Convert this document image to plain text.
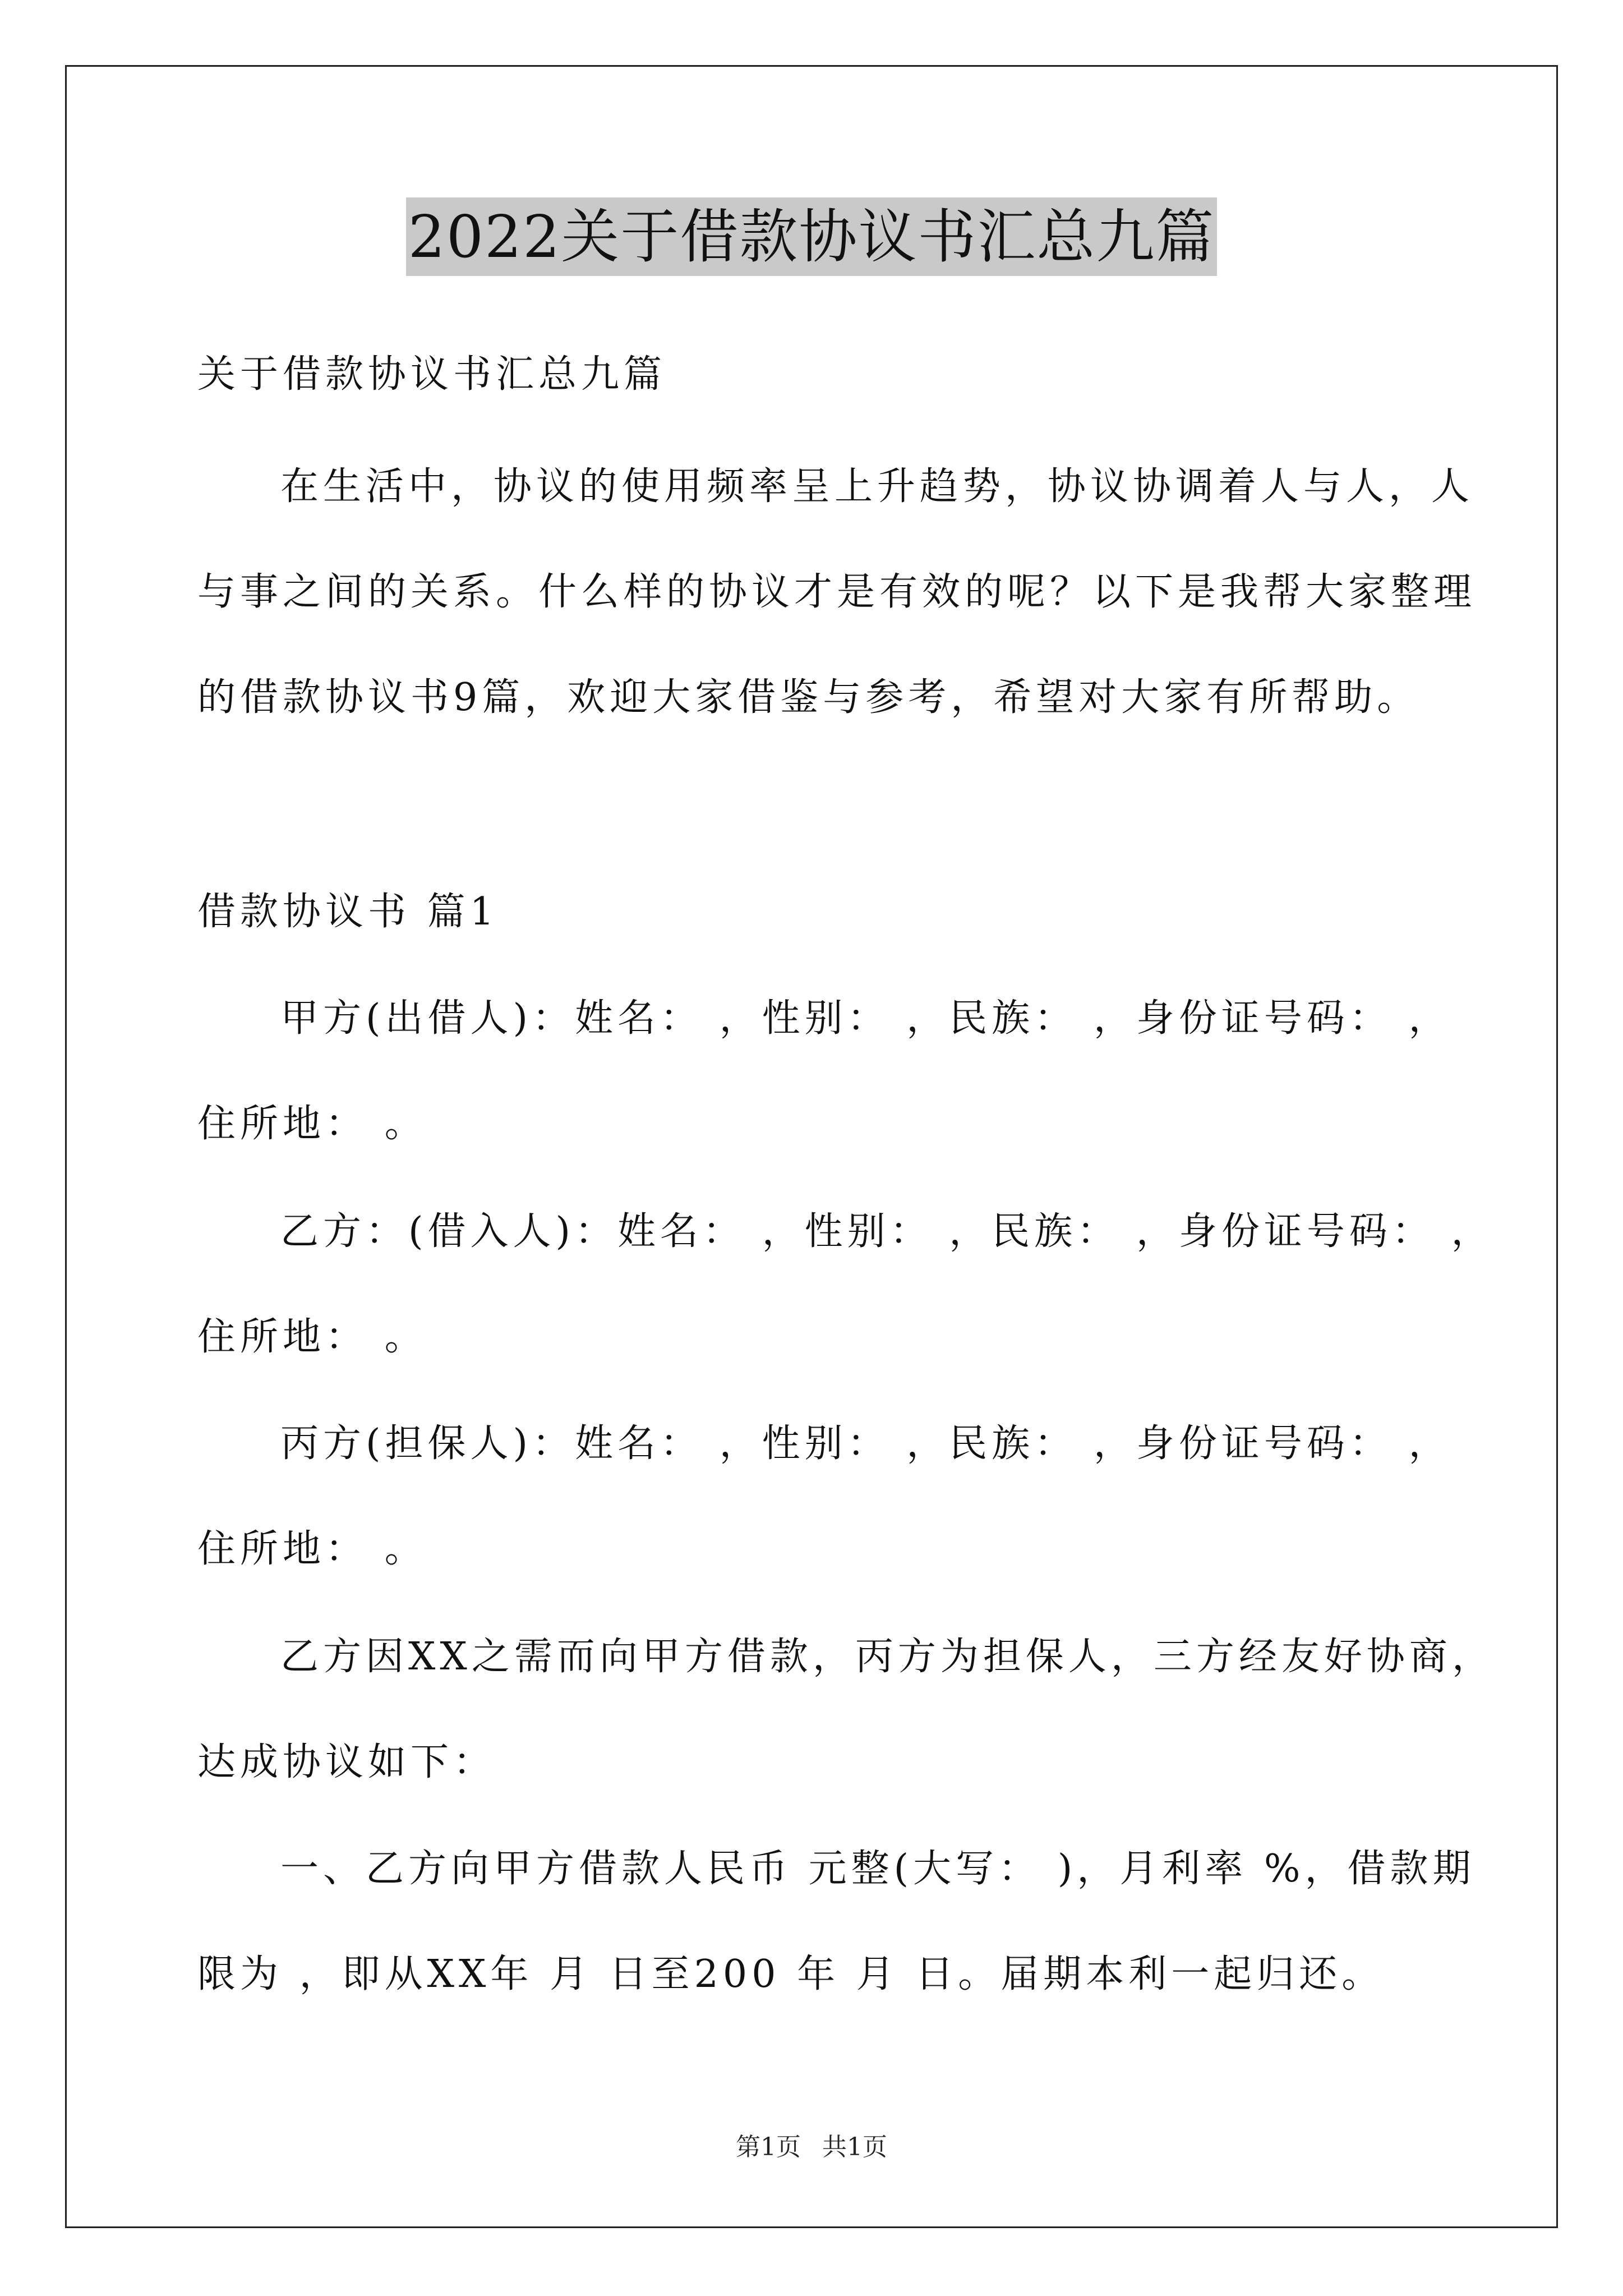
2022关于借款协议书汇总九篇
关于借款协议书汇总九篇
在生活中，协议的使用频率呈上升趋势，协议协调着人与人，人
与事之间的关系。什么样的协议才是有效的呢？以下是我帮大家整理
的借款协议书9篇，欢迎大家借鉴与参考，希望对大家有所帮助。
借款协议书 篇1
甲方(出借人)：姓名： ，性别： ，民族： ，身份证号码： ，
住所地： 。
乙方：(借入人)：姓名： ，性别： ，民族： ，身份证号码： ，
住所地： 。
丙方(担保人)：姓名： ，性别： ，民族： ，身份证号码： ，
住所地： 。
乙方因XX之需而向甲方借款，丙方为担保人，三方经友好协商，
达成协议如下：
一、乙方向甲方借款人民币 元整(大写： )，月利率 %，借款期
限为 ，即从XX年 月 日至200 年 月 日。届期本利一起归还。
第1页 共1页
